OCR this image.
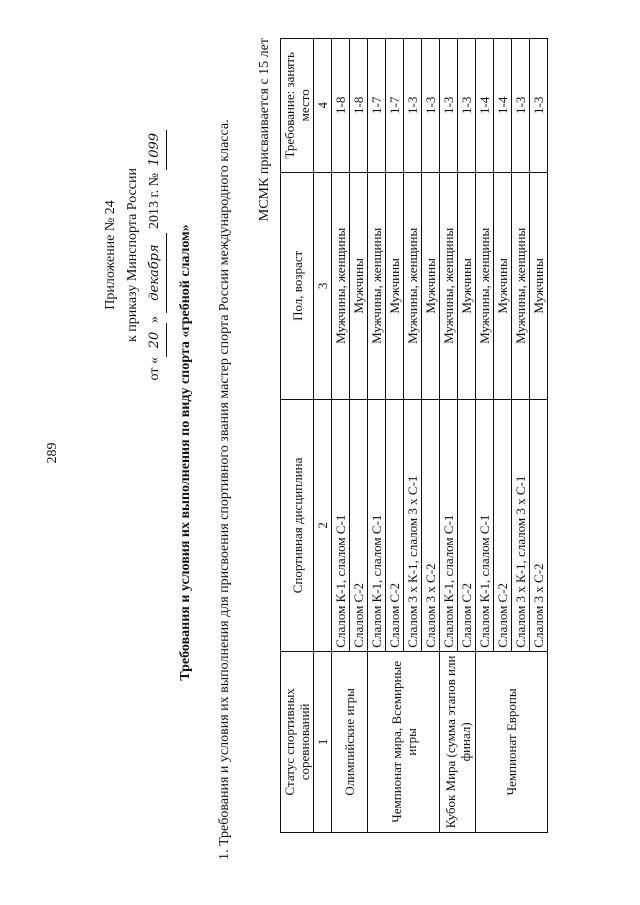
289
Приложение № 24 к приказу Минспорта России
от «20» декабря 2013 г. № 1099
Требования и условия их выполнения по виду спорта «гребной слалом» 1. Требования и условия их выполнения для присвоения спортивного звания мастер спорта России международного класса. МСМК присваивается с 15 лет
Статус спортивных соревнований	Спортивная дисциплина	Пол, возраст	Требование: занять место
1	2	3	4
Олимпийские игры	Слалом К-1, слалом С-1	Мужчины, женщины	1-8
	Слалом С-2	Мужчины	1-8
Чемпионат мира, Всемирные игры	Слалом К-1, слалом С-1	Мужчины, женщины	1-7
	Слалом С-2	Мужчины	1-7
	Слалом 3 х К-1, слалом 3 х С-1	Мужчины, женщины	1-3
	Слалом 3 х С-2	Мужчины	1-3
Кубок Мира (сумма этапов или финал)	Слалом К-1, слалом С-1	Мужчины, женщины	1-3
	Слалом С-2	Мужчины	1-3
Чемпионат Европы	Слалом К-1, слалом С-1	Мужчины, женщины	1-4
	Слалом С-2	Мужчины	1-4
	Слалом 3 х К-1, слалом 3 х С-1	Мужчины, женщины	1-3
	Слалом 3 х С-2	Мужчины	1-3
